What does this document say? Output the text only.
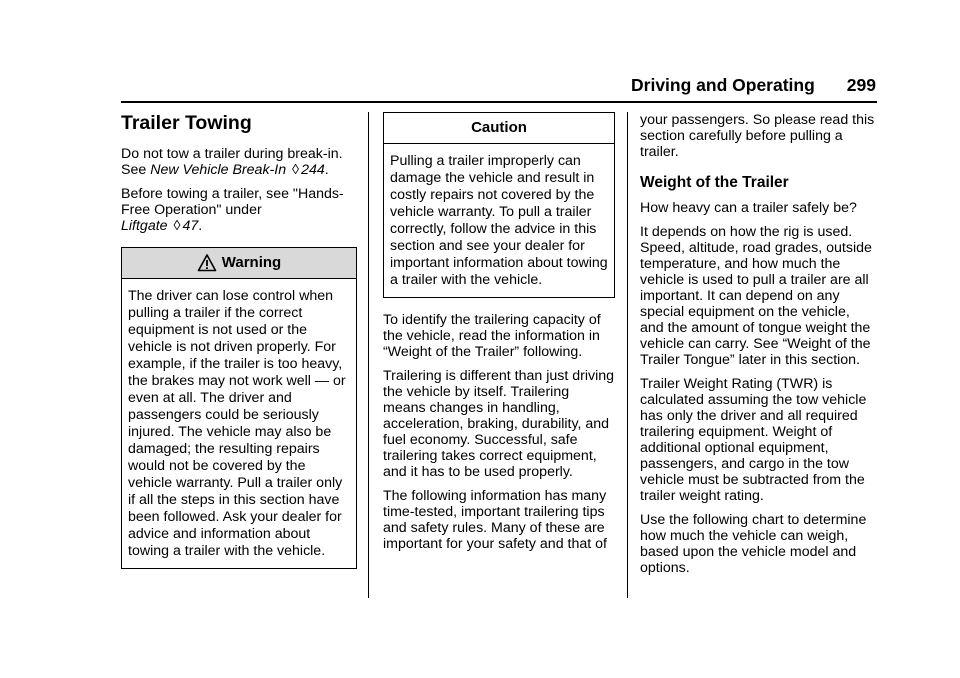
Driving and Operating 299
Trailer Towing

Do not tow a trailer during break-in. See New Vehicle Break-In ◊ 244.

Before towing a trailer, see "Hands-Free Operation" under
Liftgate ◊ 47.

Warning
The driver can lose control when pulling a trailer if the correct equipment is not used or the vehicle is not driven properly. For example, if the trailer is too heavy, the brakes may not work well — or even at all. The driver and passengers could be seriously injured. The vehicle may also be damaged; the resulting repairs would not be covered by the vehicle warranty. Pull a trailer only if all the steps in this section have been followed. Ask your dealer for advice and information about towing a trailer with the vehicle.
Caution
Pulling a trailer improperly can damage the vehicle and result in costly repairs not covered by the vehicle warranty. To pull a trailer correctly, follow the advice in this section and see your dealer for important information about towing a trailer with the vehicle.

To identify the trailering capacity of the vehicle, read the information in “Weight of the Trailer” following.

Trailering is different than just driving the vehicle by itself. Trailering means changes in handling, acceleration, braking, durability, and fuel economy. Successful, safe trailering takes correct equipment, and it has to be used properly.

The following information has many time-tested, important trailering tips and safety rules. Many of these are important for your safety and that of

your passengers. So please read this section carefully before pulling a trailer.

Weight of the Trailer

How heavy can a trailer safely be?

It depends on how the rig is used. Speed, altitude, road grades, outside temperature, and how much the vehicle is used to pull a trailer are all important. It can depend on any special equipment on the vehicle, and the amount of tongue weight the vehicle can carry. See “Weight of the Trailer Tongue” later in this section.

Trailer Weight Rating (TWR) is calculated assuming the tow vehicle has only the driver and all required trailering equipment. Weight of additional optional equipment, passengers, and cargo in the tow vehicle must be subtracted from the trailer weight rating.

Use the following chart to determine how much the vehicle can weigh, based upon the vehicle model and options.
